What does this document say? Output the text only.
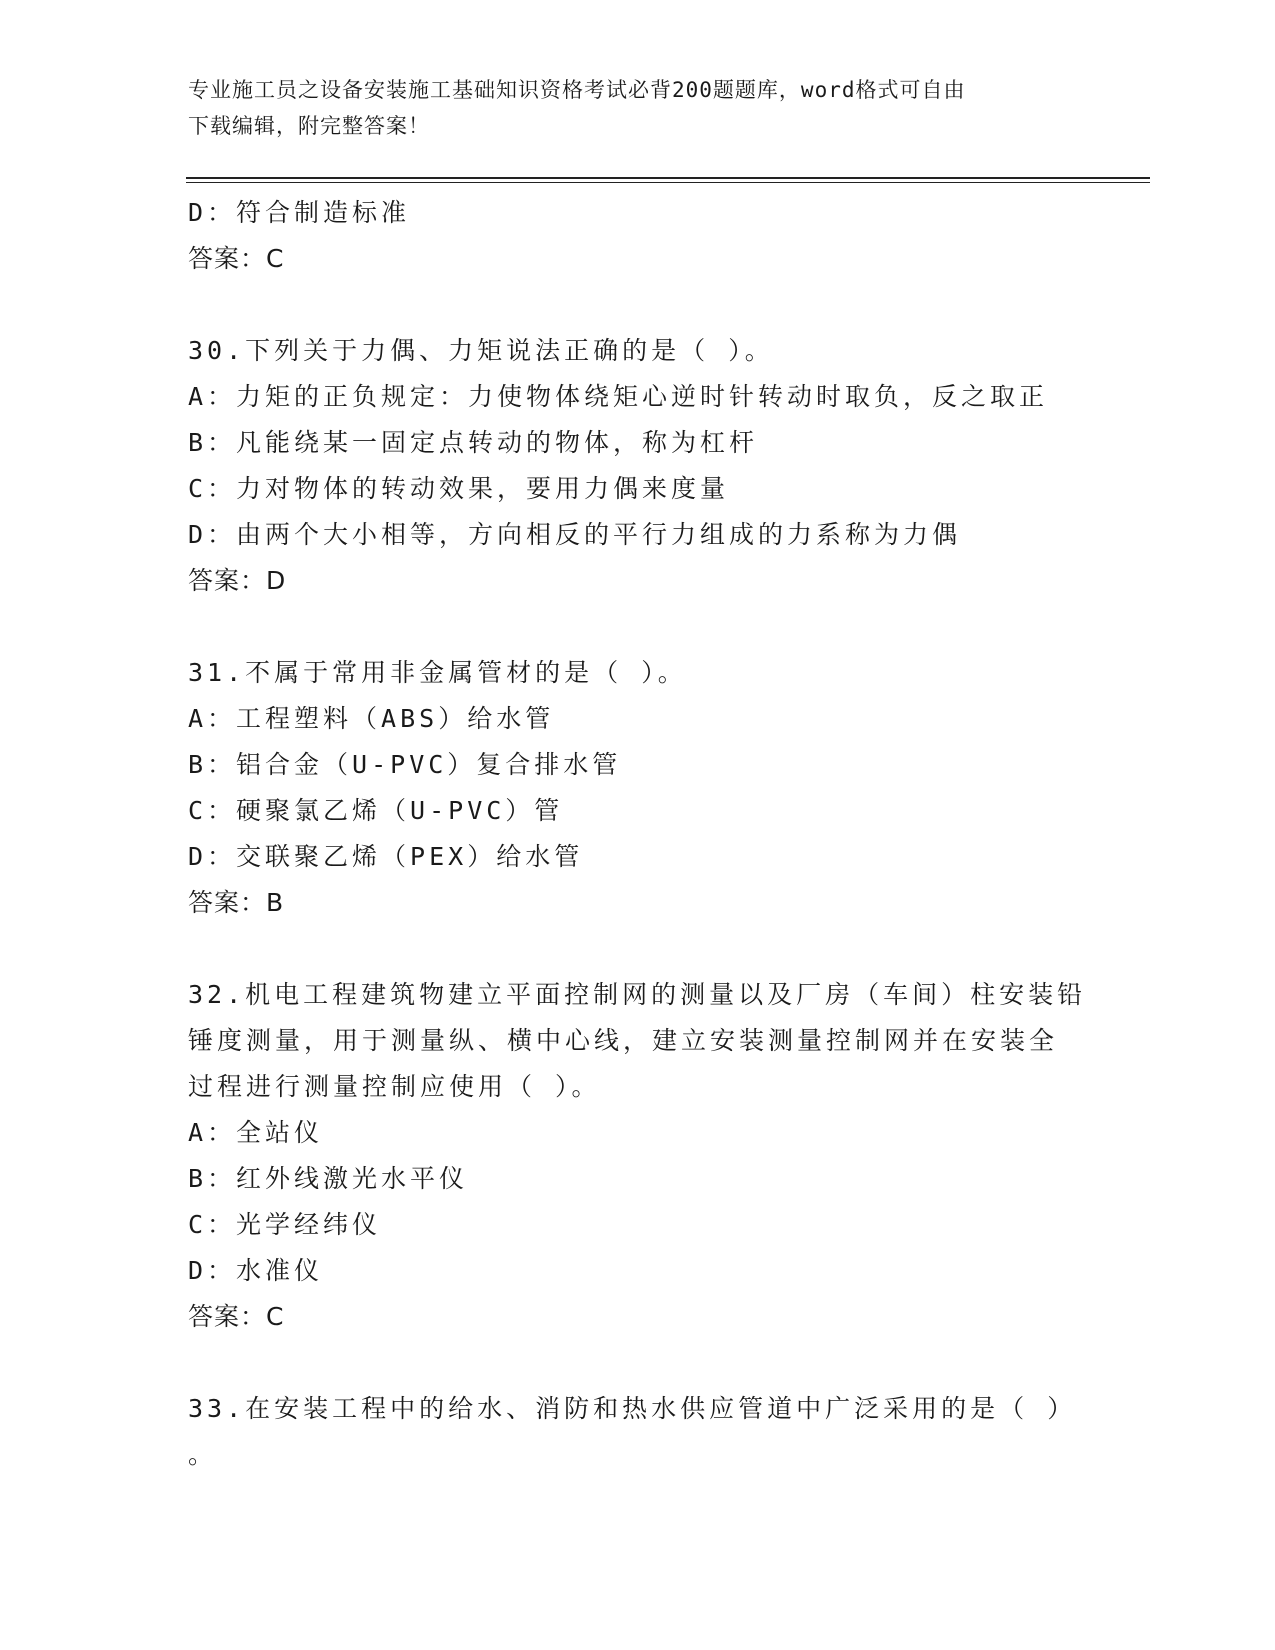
专业施工员之设备安装施工基础知识资格考试必背200题题库，word格式可自由
下载编辑，附完整答案！
D：符合制造标准
答案：C
30.下列关于力偶、力矩说法正确的是（ ）。
A：力矩的正负规定：力使物体绕矩心逆时针转动时取负，反之取正
B：凡能绕某一固定点转动的物体，称为杠杆
C：力对物体的转动效果，要用力偶来度量
D：由两个大小相等，方向相反的平行力组成的力系称为力偶
答案：D
31.不属于常用非金属管材的是（ ）。
A：工程塑料（ABS）给水管
B：铝合金（U-PVC）复合排水管
C：硬聚氯乙烯（U-PVC）管
D：交联聚乙烯（PEX）给水管
答案：B
32.机电工程建筑物建立平面控制网的测量以及厂房（车间）柱安装铅
锤度测量，用于测量纵、横中心线，建立安装测量控制网并在安装全
过程进行测量控制应使用（ ）。
A：全站仪
B：红外线激光水平仪
C：光学经纬仪
D：水准仪
答案：C
33.在安装工程中的给水、消防和热水供应管道中广泛采用的是（ ）
。
